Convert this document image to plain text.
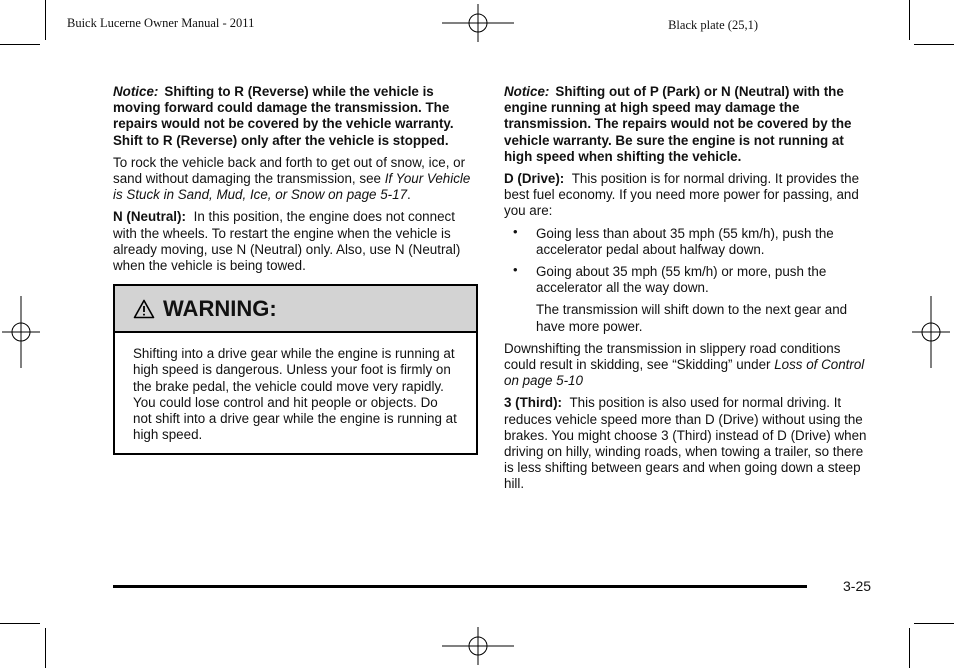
Buick Lucerne Owner Manual - 2011	Black plate (25,1)

Notice: Shifting to R (Reverse) while the vehicle is moving forward could damage the transmission. The repairs would not be covered by the vehicle warranty. Shift to R (Reverse) only after the vehicle is stopped.

To rock the vehicle back and forth to get out of snow, ice, or sand without damaging the transmission, see If Your Vehicle is Stuck in Sand, Mud, Ice, or Snow on page 5-17.

N (Neutral): In this position, the engine does not connect with the wheels. To restart the engine when the vehicle is already moving, use N (Neutral) only. Also, use N (Neutral) when the vehicle is being towed.

WARNING:
Shifting into a drive gear while the engine is running at high speed is dangerous. Unless your foot is firmly on the brake pedal, the vehicle could move very rapidly. You could lose control and hit people or objects. Do not shift into a drive gear while the engine is running at high speed.

Notice: Shifting out of P (Park) or N (Neutral) with the engine running at high speed may damage the transmission. The repairs would not be covered by the vehicle warranty. Be sure the engine is not running at high speed when shifting the vehicle.

D (Drive): This position is for normal driving. It provides the best fuel economy. If you need more power for passing, and you are:

• Going less than about 35 mph (55 km/h), push the accelerator pedal about halfway down.
• Going about 35 mph (55 km/h) or more, push the accelerator all the way down.

The transmission will shift down to the next gear and have more power.

Downshifting the transmission in slippery road conditions could result in skidding, see “Skidding” under Loss of Control on page 5-10

3 (Third): This position is also used for normal driving. It reduces vehicle speed more than D (Drive) without using the brakes. You might choose 3 (Third) instead of D (Drive) when driving on hilly, winding roads, when towing a trailer, so there is less shifting between gears and when going down a steep hill.

3-25
